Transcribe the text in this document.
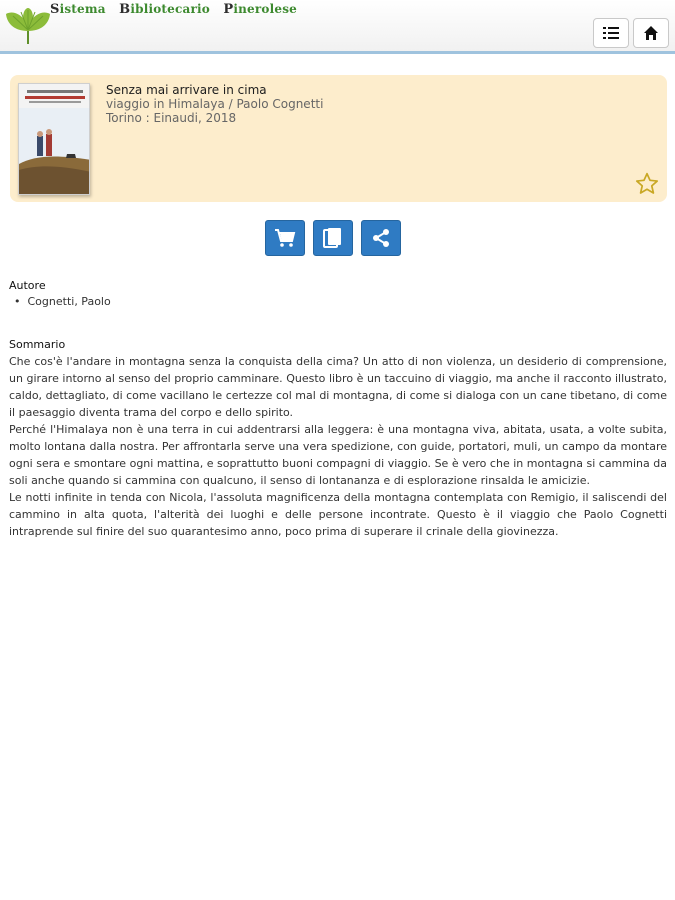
Sistema Bibliotecario Pinerolese
Senza mai arrivare in cima
viaggio in Himalaya / Paolo Cognetti
Torino : Einaudi, 2018
Autore
• Cognetti, Paolo
Sommario

Che cos'è l'andare in montagna senza la conquista della cima? Un atto di non violenza, un desiderio di comprensione, un girare intorno al senso del proprio camminare. Questo libro è un taccuino di viaggio, ma anche il racconto illustrato, caldo, dettagliato, di come vacillano le certezze col mal di montagna, di come si dialoga con un cane tibetano, di come il paesaggio diventa trama del corpo e dello spirito.

Perché l'Himalaya non è una terra in cui addentrarsi alla leggera: è una montagna viva, abitata, usata, a volte subita, molto lontana dalla nostra. Per affrontarla serve una vera spedizione, con guide, portatori, muli, un campo da montare ogni sera e smontare ogni mattina, e soprattutto buoni compagni di viaggio. Se è vero che in montagna si cammina da soli anche quando si cammina con qualcuno, il senso di lontananza e di esplorazione rinsalda le amicizie.

Le notti infinite in tenda con Nicola, l'assoluta magnificenza della montagna contemplata con Remigio, il saliscendi del cammino in alta quota, l'alterità dei luoghi e delle persone incontrate. Questo è il viaggio che Paolo Cognetti intraprende sul finire del suo quarantesimo anno, poco prima di superare il crinale della giovinezza.
